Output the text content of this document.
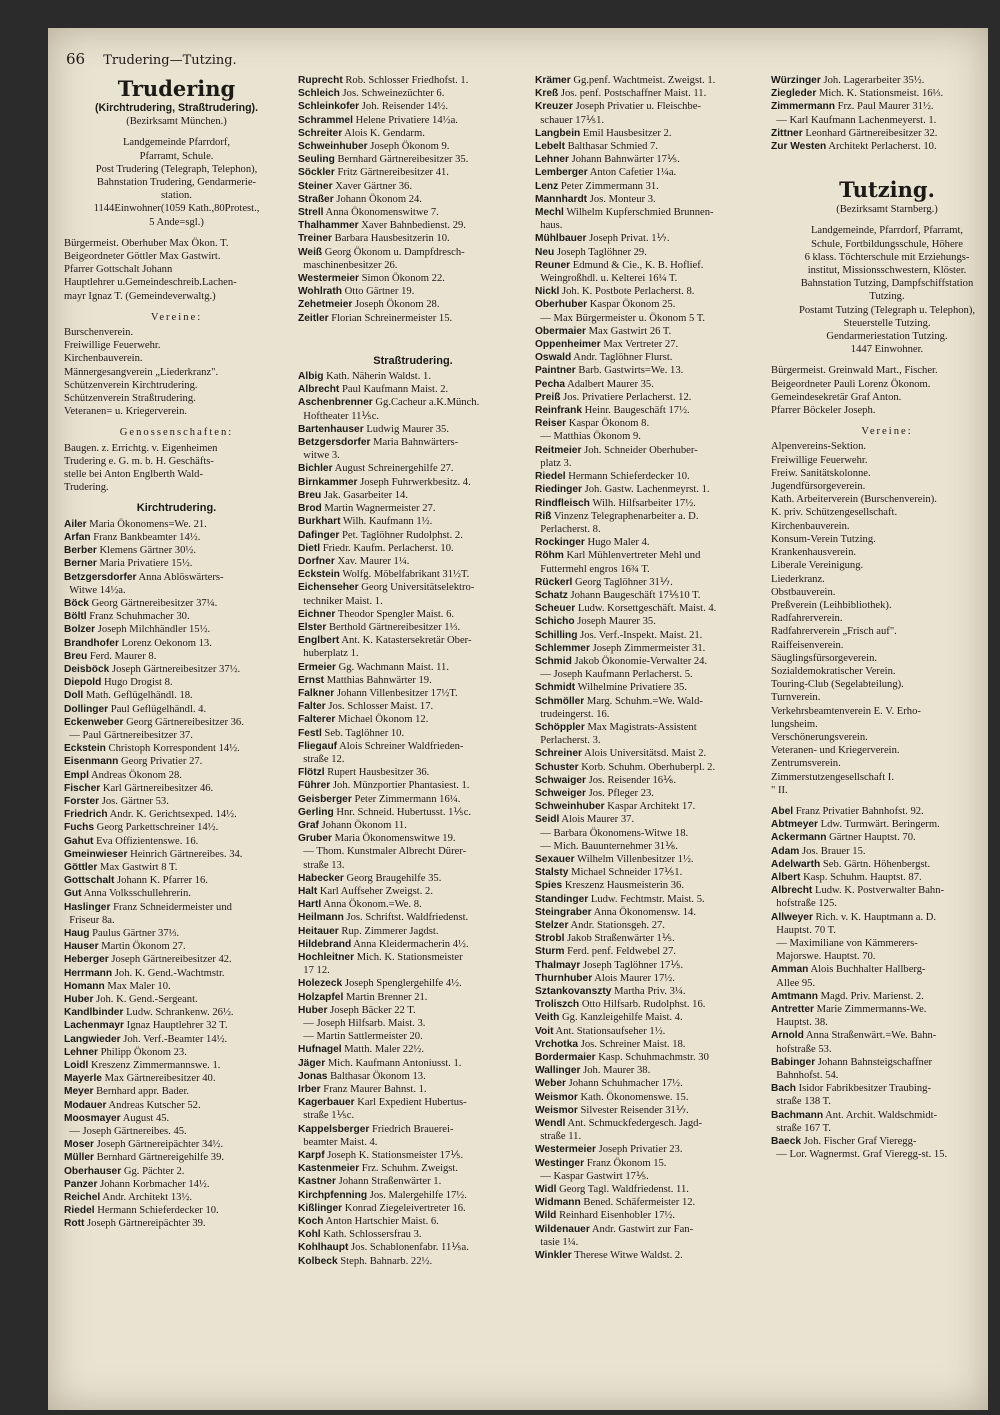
66 Trudering—Tutzing.
Trudering
(Kirchtrudering, Straßtrudering).
(Bezirksamt München.)
Landgemeinde Pfarrdorf,
Pfarramt, Schule.
Post Trudering (Telegraph, Telephon),
Bahnstation Trudering, Gendarmerie-
station.
1144Einwohner(1059 Kath.,80Protest.,
5 Ande=sgl.)
Bürgermeist. Oberhuber Max Ökon. T.
Beigeordneter Göttler Max Gastwirt.
Pfarrer Gottschalt Johann
Hauptlehrer u.Gemeindeschreib.Lachen-
mayr Ignaz T. (Gemeindeverwaltg.)
Vereine:
Burschenverein.
Freiwillige Feuerwehr.
Kirchenbauverein.
Männergesangverein „Liederkranz".
Schützenverein Kirchtrudering.
Schützenverein Straßtrudering.
Veteranen= u. Kriegerverein.
Genossenschaften:
Baugen. z. Errichtg. v. Eigenheimen
Trudering e. G. m. b. H. Geschäfts-
stelle bei Anton Englberth Wald-
Trudering.
Kirchtrudering.
Ailer Maria Ökonomens=We. 21.
Arfan Franz Bankbeamter 14½.
Berber Klemens Gärtner 30½.
Berner Maria Privatiere 15½.
Betzgersdorfer Anna Ablöswärters-
Witwe 14½a.
Böck Georg Gärtnereibesitzer 37¼.
Böltl Franz Schuhmacher 30.
Bolzer Joseph Milchhändler 15½.
Brandhofer Lorenz Oekonom 13.
Breu Ferd. Maurer 8.
Deisböck Joseph Gärtnereibesitzer 37½.
Diepold Hugo Drogist 8.
Doll Math. Geflügelhändl. 18.
Dollinger Paul Geflügelhändl. 4.
Eckenweber Georg Gärtnereibesitzer 36.
— Paul Gärtnereibesitzer 37.
Eckstein Christoph Korrespondent 14½.
Eisenmann Georg Privatier 27.
Empl Andreas Ökonom 28.
Fischer Karl Gärtnereibesitzer 46.
Forster Jos. Gärtner 53.
Friedrich Andr. K. Gerichtsexped. 14½.
Fuchs Georg Parkettschreiner 14½.
Gahut Eva Offizientenswe. 16.
Gmeinwieser Heinrich Gärtnereibes. 34.
Göttler Max Gastwirt 8 T.
Gottschalt Johann K. Pfarrer 16.
Gut Anna Volksschullehrerin.
Haslinger Franz Schneidermeister und
Friseur 8a.
Haug Paulus Gärtner 37⅓.
Hauser Martin Ökonom 27.
Heberger Joseph Gärtnereibesitzer 42.
Herrmann Joh. K. Gend.-Wachtmstr.
Homann Max Maler 10.
Huber Joh. K. Gend.-Sergeant.
Kandlbinder Ludw. Schrankenw. 26½.
Lachenmayr Ignaz Hauptlehrer 32 T.
Langwieder Joh. Verf.-Beamter 14½.
Lehner Philipp Ökonom 23.
Loidl Kreszenz Zimmermannswe. 1.
Mayerle Max Gärtnereibesitzer 40.
Meyer Bernhard appr. Bader.
Modauer Andreas Kutscher 52.
Moosmayer August 45.
— Joseph Gärtnereibes. 45.
Moser Joseph Gärtnereipächter 34½.
Müller Bernhard Gärtnereigehilfe 39.
Oberhauser Gg. Pächter 2.
Panzer Johann Korbmacher 14½.
Reichel Andr. Architekt 13½.
Riedel Hermann Schieferdecker 10.
Rott Joseph Gärtnereipächter 39.
Ruprecht Rob. Schlosser Friedhofst. 1.
Schleich Jos. Schweinezüchter 6.
Schleinkofer Joh. Reisender 14½.
Schrammel Helene Privatiere 14½a.
Schreiter Alois K. Gendarm.
Schweinhuber Joseph Ökonom 9.
Seuling Bernhard Gärtnereibesitzer 35.
Söckler Fritz Gärtnereibesitzer 41.
Steiner Xaver Gärtner 36.
Straßer Johann Ökonom 24.
Strell Anna Ökonomenswitwe 7.
Thalhammer Xaver Bahnbedienst. 29.
Treiner Barbara Hausbesitzerin 10.
Weiß Georg Ökonom u. Dampfdresch-
maschinenbesitzer 26.
Westermeier Simon Ökonom 22.
Wohlrath Otto Gärtner 19.
Zehetmeier Joseph Ökonom 28.
Zeitler Florian Schreinermeister 15.
Straßtrudering.
Albig Kath. Näherin Waldst. 1.
Albrecht Paul Kaufmann Maist. 2.
Aschenbrenner Gg.Cacheur a.K.Münch.
Hoftheater 11⅕c.
Bartenhauser Ludwig Maurer 35.
Betzgersdorfer Maria Bahnwärters-
witwe 3.
Bichler August Schreinergehilfe 27.
Birnkammer Joseph Fuhrwerkbesitz. 4.
Breu Jak. Gasarbeiter 14.
Brod Martin Wagnermeister 27.
Burkhart Wilh. Kaufmann 1½.
Dafinger Pet. Taglöhner Rudolphst. 2.
Dietl Friedr. Kaufm. Perlacherst. 10.
Dorfner Xav. Maurer 1¼.
Eckstein Wolfg. Möbelfabrikant 31½T.
Eichenseher Georg Universitätselektro-
techniker Maist. 1.
Eichner Theodor Spengler Maist. 6.
Elster Berthold Gärtnereibesitzer 1⅓.
Englbert Ant. K. Katastersekretär Ober-
huberplatz 1.
Ermeier Gg. Wachmann Maist. 11.
Ernst Matthias Bahnwärter 19.
Falkner Johann Villenbesitzer 17½T.
Falter Jos. Schlosser Maist. 17.
Falterer Michael Ökonom 12.
Festl Seb. Taglöhner 10.
Fliegauf Alois Schreiner Waldfrieden-
straße 12.
Flötzl Rupert Hausbesitzer 36.
Führer Joh. Münzportier Phantasiest. 1.
Geisberger Peter Zimmermann 16¼.
Gerling Hnr. Schneid. Hubertusst. 1⅕c.
Graf Johann Ökonom 11.
Gruber Maria Ökonomenswitwe 19.
— Thom. Kunstmaler Albrecht Dürer-
straße 13.
Habecker Georg Braugehilfe 35.
Halt Karl Auffseher Zweigst. 2.
Hartl Anna Ökonom.=We. 8.
Heilmann Jos. Schriftst. Waldfriedenst.
Heitauer Rup. Zimmerer Jagdst.
Hildebrand Anna Kleidermacherin 4½.
Hochleitner Mich. K. Stationsmeister
17 12.
Holezeck Joseph Spenglergehilfe 4½.
Holzapfel Martin Brenner 21.
Huber Joseph Bäcker 22 T.
— Joseph Hilfsarb. Maist. 3.
— Martin Sattlermeister 20.
Hufnagel Matth. Maler 22½.
Jäger Mich. Kaufmann Antoniusst. 1.
Jonas Balthasar Ökonom 13.
Irber Franz Maurer Bahnst. 1.
Kagerbauer Karl Expedient Hubertus-
straße 1⅕c.
Kappelsberger Friedrich Brauerei-
beamter Maist. 4.
Karpf Joseph K. Stationsmeister 17⅕.
Kastenmeier Frz. Schuhm. Zweigst.
Kastner Johann Straßenwärter 1.
Kirchpfenning Jos. Malergehilfe 17½.
Kißlinger Konrad Ziegeleivertreter 16.
Koch Anton Hartschier Maist. 6.
Kohl Kath. Schlossersfrau 3.
Kohlhaupt Jos. Schablonenfabr. 11⅕a.
Kolbeck Steph. Bahnarb. 22½.
Krämer Gg.penf. Wachtmeist. Zweigst. 1.
Kreß Jos. penf. Postschaffner Maist. 11.
Kreuzer Joseph Privatier u. Fleischbe-
schauer 17⅕1.
Langbein Emil Hausbesitzer 2.
Lebelt Balthasar Schmied 7.
Lehner Johann Bahnwärter 17⅕.
Lemberger Anton Cafetier 1¼a.
Lenz Peter Zimmermann 31.
Mannhardt Jos. Monteur 3.
Mechl Wilhelm Kupferschmied Brunnen-
haus.
Mühlbauer Joseph Privat. 1⅐.
Neu Joseph Taglöhner 29.
Reuner Edmund & Cie., K. B. Hoflief.
Weingroßhdl. u. Kelterei 16¼ T.
Nickl Joh. K. Postbote Perlacherst. 8.
Oberhuber Kaspar Ökonom 25.
— Max Bürgermeister u. Ökonom 5 T.
Obermaier Max Gastwirt 26 T.
Oppenheimer Max Vertreter 27.
Oswald Andr. Taglöhner Flurst.
Paintner Barb. Gastwirts=We. 13.
Pecha Adalbert Maurer 35.
Preiß Jos. Privatiere Perlacherst. 12.
Reinfrank Heinr. Baugeschäft 17½.
Reiser Kaspar Ökonom 8.
— Matthias Ökonom 9.
Reitmeier Joh. Schneider Oberhuber-
platz 3.
Riedel Hermann Schieferdecker 10.
Riedinger Joh. Gastw. Lachenmeyrst. 1.
Rindfleisch Wilh. Hilfsarbeiter 17½.
Riß Vinzenz Telegraphenarbeiter a. D.
Perlacherst. 8.
Rockinger Hugo Maler 4.
Röhm Karl Mühlenvertreter Mehl und
Futtermehl engros 16¾ T.
Rückerl Georg Taglöhner 31⅐.
Schatz Johann Baugeschäft 17⅕10 T.
Scheuer Ludw. Korsettgeschäft. Maist. 4.
Schicho Joseph Maurer 35.
Schilling Jos. Verf.-Inspekt. Maist. 21.
Schlemmer Joseph Zimmermeister 31.
Schmid Jakob Ökonomie-Verwalter 24.
— Joseph Kaufmann Perlacherst. 5.
Schmidt Wilhelmine Privatiere 35.
Schmöller Marg. Schuhm.=We. Wald-
trudeingerst. 16.
Schöppler Max Magistrats-Assistent
Perlacherst. 3.
Schreiner Alois Universitätsd. Maist 2.
Schuster Korb. Schuhm. Oberhuberpl. 2.
Schwaiger Jos. Reisender 16⅙.
Schweiger Jos. Pfleger 23.
Schweinhuber Kaspar Architekt 17.
Seidl Alois Maurer 37.
— Barbara Ökonomens-Witwe 18.
— Mich. Bauunternehmer 31⅙.
Sexauer Wilhelm Villenbesitzer 1½.
Stalsty Michael Schneider 17⅕1.
Spies Kreszenz Hausmeisterin 36.
Standinger Ludw. Fechtmstr. Maist. 5.
Steingraber Anna Ökonomensw. 14.
Stelzer Andr. Stationsgeh. 27.
Strobl Jakob Straßenwärter 1⅕.
Sturm Ferd. penf. Feldwebel 27.
Thalmayr Joseph Taglöhner 17⅕.
Thurnhuber Alois Maurer 17½.
Sztankovanszty Martha Priv. 3¼.
Troliszch Otto Hilfsarb. Rudolphst. 16.
Veith Gg. Kanzleigehilfe Maist. 4.
Voit Ant. Stationsaufseher 1½.
Vrchotka Jos. Schreiner Maist. 18.
Bordermaier Kasp. Schuhmachmstr. 30
Wallinger Joh. Maurer 38.
Weber Johann Schuhmacher 17½.
Weismor Kath. Ökonomenswe. 15.
Weismor Silvester Reisender 31⅐.
Wendl Ant. Schmuckfedergesch. Jagd-
straße 11.
Westermeier Joseph Privatier 23.
Westinger Franz Ökonom 15.
— Kaspar Gastwirt 17⅕.
Widl Georg Tagl. Waldfriedenst. 11.
Widmann Bened. Schäfermeister 12.
Wild Reinhard Eisenhobler 17½.
Wildenauer Andr. Gastwirt zur Fan-
tasie 1¼.
Winkler Therese Witwe Waldst. 2.
Würzinger Joh. Lagerarbeiter 35½.
Ziegleder Mich. K. Stationsmeist. 16⅓.
Zimmermann Frz. Paul Maurer 31½.
— Karl Kaufmann Lachenmeyerst. 1.
Zittner Leonhard Gärtnereibesitzer 32.
Zur Westen Architekt Perlacherst. 10.
Tutzing.
(Bezirksamt Starnberg.)
Landgemeinde, Pfarrdorf, Pfarramt,
Schule, Fortbildungsschule, Höhere
6 klass. Töchterschule mit Erziehungs-
institut, Missionsschwestern, Klöster.
Bahnstation Tutzing, Dampfschiffstation
Tutzing.
Postamt Tutzing (Telegraph u. Telephon),
Steuerstelle Tutzing.
Gendarmeriestation Tutzing.
1447 Einwohner.
Bürgermeist. Greinwald Mart., Fischer.
Beigeordneter Pauli Lorenz Ökonom.
Gemeindesekretär Graf Anton.
Pfarrer Böckeler Joseph.
Vereine:
Alpenvereins-Sektion.
Freiwillige Feuerwehr.
Freiw. Sanitätskolonne.
Jugendfürsorgeverein.
Kath. Arbeiterverein (Burschenverein).
K. priv. Schützengesellschaft.
Kirchenbauverein.
Konsum-Verein Tutzing.
Krankenhausverein.
Liberale Vereinigung.
Liederkranz.
Obstbauverein.
Preßverein (Leihbibliothek).
Radfahrerverein.
Radfahrerverein „Frisch auf".
Raiffeisenverein.
Säuglingsfürsorgeverein.
Sozialdemokratischer Verein.
Touring-Club (Segelabteilung).
Turnverein.
Verkehrsbeamtenverein E. V. Erho-
lungsheim.
Verschönerungsverein.
Veteranen- und Kriegerverein.
Zentrumsverein.
Zimmerstutzengesellschaft I.
" II.
Abel Franz Privatier Bahnhofst. 92.
Abtmeyer Ldw. Turmwärt. Beringerm.
Ackermann Gärtner Hauptst. 70.
Adam Jos. Brauer 15.
Adelwarth Seb. Gärtn. Höhenbergst.
Albert Kasp. Schuhm. Hauptst. 87.
Albrecht Ludw. K. Postverwalter Bahn-
hofstraße 125.
Allweyer Rich. v. K. Hauptmann a. D.
Hauptst. 70 T.
— Maximiliane von Kämmerers-
Majorswe. Hauptst. 70.
Amman Alois Buchhalter Hallberg-
Allee 95.
Amtmann Magd. Priv. Marienst. 2.
Antretter Marie Zimmermanns-We.
Hauptst. 38.
Arnold Anna Straßenwärt.=We. Bahn-
hofstraße 53.
Babinger Johann Bahnsteigschaffner
Bahnhofst. 54.
Bach Isidor Fabrikbesitzer Traubing-
straße 138 T.
Bachmann Ant. Archit. Waldschmidt-
straße 167 T.
Baeck Joh. Fischer Graf Vieregg-
— Lor. Wagnermst. Graf Vieregg-st. 15.
